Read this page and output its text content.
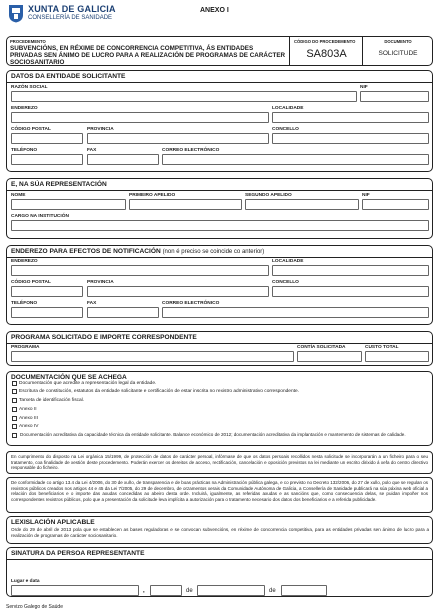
XUNTA DE GALICIA
CONSELLERÍA DE SANIDADE
ANEXO I
PROCEDEMENTO
SUBVENCIÓNS, EN RÉXIME DE CONCORRENCIA COMPETITIVA, ÁS ENTIDADES PRIVADAS SEN ÁNIMO DE LUCRO PARA A REALIZACIÓN DE PROGRAMAS DE CARÁCTER SOCIOSANITARIO
CÓDIGO DO PROCEDEMENTO
SA803A
DOCUMENTO
SOLICITUDE
DATOS DA ENTIDADE SOLICITANTE
RAZÓN SOCIAL	NIF
ENDEREZO	LOCALIDADE
CÓDIGO POSTAL	PROVINCIA	CONCELLO
TELÉFONO	FAX	CORREO ELECTRÓNICO
E, NA SÚA REPRESENTACIÓN
NOME	PRIMEIRO APELIDO	SEGUNDO APELIDO	NIF
CARGO NA INSTITUCIÓN
ENDEREZO PARA EFECTOS DE NOTIFICACIÓN (non é preciso se coincide co anterior)
ENDEREZO	LOCALIDADE
CÓDIGO POSTAL	PROVINCIA	CONCELLO
TELÉFONO	FAX	CORREO ELECTRÓNICO
PROGRAMA SOLICITADO E IMPORTE CORRESPONDENTE
PROGRAMA	CONTÍA SOLICITADA	CUSTO TOTAL
DOCUMENTACIÓN QUE SE ACHEGA
Documentación que acredite a representación legal da entidade.
Escritura de constitución, estatutos da entidade solicitante e certificación de estar inscrita no rexistro administrativo correspondente.
Tarxeta de identificación fiscal.
Anexo II
Anexo III
Anexo IV
Documentación acreditativa da capacidade técnica da entidade solicitante. Balance económico de 2012; documentación acreditativa da implantación e mantemento de sistemas de calidade.
En cumprimento do disposto na Lei orgánica 15/1999, de protección de datos de carácter persoal, infórmase de que os datos persoais recollidos nesta solicitude se incorporarán a un ficheiro para o seu tratamento, coa finalidade de xestión deste procedemento. Poderán exercer os dereitos de acceso, rectificación, cancelación e oposición previstos na lei mediante un escrito dirixido á xefa do centro directivo responsable do ficheiro.
De conformidade co artigo 13.4 da Lei 4/2006, do 30 de xuño, de transparencia e de boas prácticas na Administración pública galega, e co previsto no Decreto 132/2006, do 27 de xullo, polo que se regulan os rexistros públicos creados nos artigos 44 e 45 da Lei 7/2005, do 29 de decembro, de orzamentos xerais da Comunidade Autónoma de Galicia, a Consellería de Sanidade publicará na súa páxina web oficial a relación dos beneficiarios e o importe das axudas concedidas ao abeiro desta orde. Incluirá, igualmente, as referidas axudas e as sancións que, como consecuencia delas, se puidan impoñer nos correspondentes rexistros públicos, polo que a presentación da solicitude leva implícita a autorización para o tratamento necesario dos datos dos beneficiarios e a referida publicidade.
LEXISLACIÓN APLICABLE
Orde do 29 de abril de 2013 pola que se establecen as bases reguladoras e se convocan subvencións, en réxime de concorrencia competitiva, para as entidades privadas sen ánimo de lucro para a realización de programas de carácter sociosanitario.
SINATURA DA PERSOA REPRESENTANTE
Lugar e data
,	de	de
Servizo Galego de Saúde
